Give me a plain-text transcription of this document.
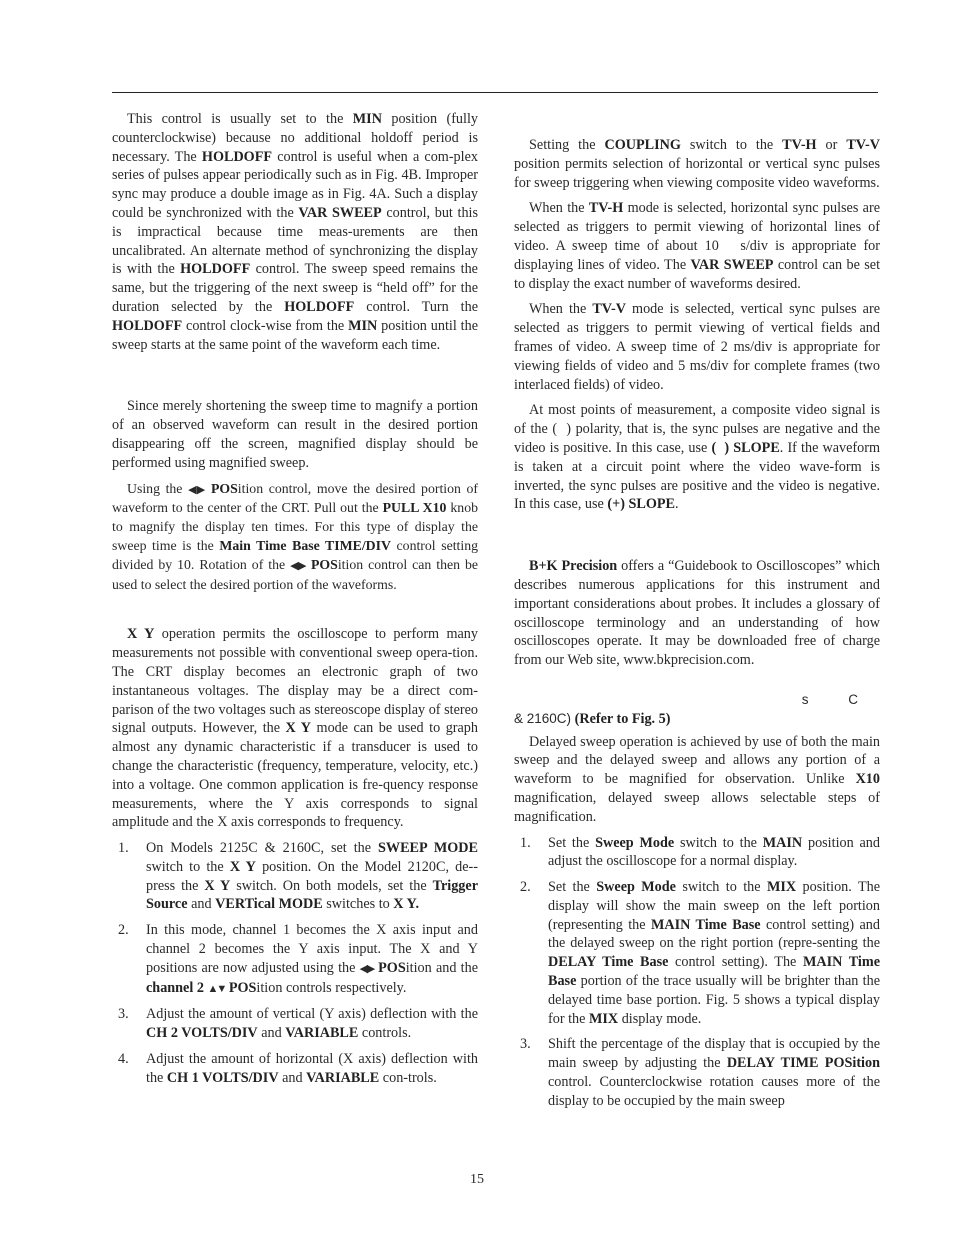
This control is usually set to the MIN position (fully counterclockwise) because no additional holdoff period is necessary. The HOLDOFF control is useful when a com-plex series of pulses appear periodically such as in Fig. 4B. Improper sync may produce a double image as in Fig. 4A. Such a display could be synchronized with the VAR SWEEP control, but this is impractical because time meas-urements are then uncalibrated. An alternate method of synchronizing the display is with the HOLDOFF control. The sweep speed remains the same, but the triggering of the next sweep is “held off” for the duration selected by the HOLDOFF control. Turn the HOLDOFF control clock-wise from the MIN position until the sweep starts at the same point of the waveform each time.

Since merely shortening the sweep time to magnify a portion of an observed waveform can result in the desired portion disappearing off the screen, magnified display should be performed using magnified sweep.

Using the ◀▶ POSition control, move the desired portion of waveform to the center of the CRT. Pull out the PULL X10 knob to magnify the display ten times. For this type of display the sweep time is the Main Time Base TIME/DIV control setting divided by 10. Rotation of the ◀▶ POSition control can then be used to select the desired portion of the waveforms.

X Y operation permits the oscilloscope to perform many measurements not possible with conventional sweep opera-tion. The CRT display becomes an electronic graph of two instantaneous voltages. The display may be a direct com-parison of the two voltages such as stereoscope display of stereo signal outputs. However, the X Y mode can be used to graph almost any dynamic characteristic if a transducer is used to change the characteristic (frequency, temperature, velocity, etc.) into a voltage. One common application is fre-quency response measurements, where the Y axis corresponds to signal amplitude and the X axis corresponds to frequency.

1. On Models 2125C & 2160C, set the SWEEP MODE switch to the X Y position. On the Model 2120C, de--press the X Y switch. On both models, set the Trigger Source and VERTical MODE switches to X Y.
2. In this mode, channel 1 becomes the X axis input and channel 2 becomes the Y axis input. The X and Y positions are now adjusted using the ◀▶ POSition and the channel 2 ▲▼ POSition controls respectively.
3. Adjust the amount of vertical (Y axis) deflection with the CH 2 VOLTS/DIV and VARIABLE controls.
4. Adjust the amount of horizontal (X axis) deflection with the CH 1 VOLTS/DIV and VARIABLE con-trols.

Setting the COUPLING switch to the TV-H or TV-V position permits selection of horizontal or vertical sync pulses for sweep triggering when viewing composite video waveforms.

When the TV-H mode is selected, horizontal sync pulses are selected as triggers to permit viewing of horizontal lines of video. A sweep time of about 10   s/div is appropriate for displaying lines of video. The VAR SWEEP control can be set to display the exact number of waveforms desired.

When the TV-V mode is selected, vertical sync pulses are selected as triggers to permit viewing of vertical fields and frames of video. A sweep time of 2 ms/div is appropriate for viewing fields of video and 5 ms/div for complete frames (two interlaced fields) of video.

At most points of measurement, a composite video signal is of the (  ) polarity, that is, the sync pulses are negative and the video is positive. In this case, use (  ) SLOPE. If the waveform is taken at a circuit point where the video wave-form is inverted, the sync pulses are positive and the video is negative. In this case, use (+) SLOPE.

B+K Precision offers a “Guidebook to Oscilloscopes” which describes numerous applications for this instrument and important considerations about probes. It includes a glossary of oscilloscope terminology and an understanding of how oscilloscopes operate. It may be downloaded free of charge from our Web site, www.bkprecision.com.

s C
& 2160C) (Refer to Fig. 5)

Delayed sweep operation is achieved by use of both the main sweep and the delayed sweep and allows any portion of a waveform to be magnified for observation. Unlike X10 magnification, delayed sweep allows selectable steps of magnification.

1. Set the Sweep Mode switch to the MAIN position and adjust the oscilloscope for a normal display.
2. Set the Sweep Mode switch to the MIX position. The display will show the main sweep on the left portion (representing the MAIN Time Base control setting) and the delayed sweep on the right portion (repre-senting the DELAY Time Base control setting). The MAIN Time Base portion of the trace usually will be brighter than the delayed time base portion. Fig. 5 shows a typical display for the MIX display mode.
3. Shift the percentage of the display that is occupied by the main sweep by adjusting the DELAY TIME POSition control. Counterclockwise rotation causes more of the display to be occupied by the main sweep
15
